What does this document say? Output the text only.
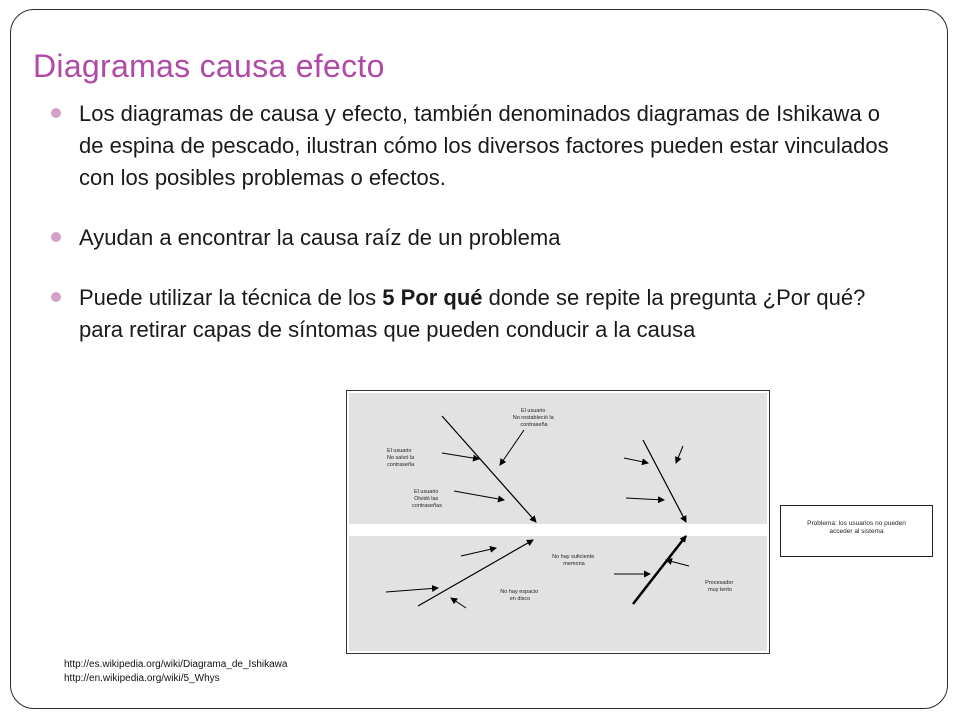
Diagramas causa efecto
Los diagramas de causa y efecto, también denominados diagramas de Ishikawa o de espina de pescado, ilustran cómo los diversos factores pueden estar vinculados con los posibles problemas o efectos.
Ayudan a encontrar la causa raíz de un problema
Puede utilizar la técnica de los 5 Por qué donde se repite la pregunta ¿Por qué? para retirar capas de síntomas que pueden conducir a la causa
El usuario No restableció la contraseña
El usuario No salvó la contraseña
El usuario Olvidó las contraseñas
No hay suficiente memoria
No hay espacio en disco
Procesador muy lento
Problema: los usuarios no pueden acceder al sistema
http://es.wikipedia.org/wiki/Diagrama_de_Ishikawa
http://en.wikipedia.org/wiki/5_Whys
